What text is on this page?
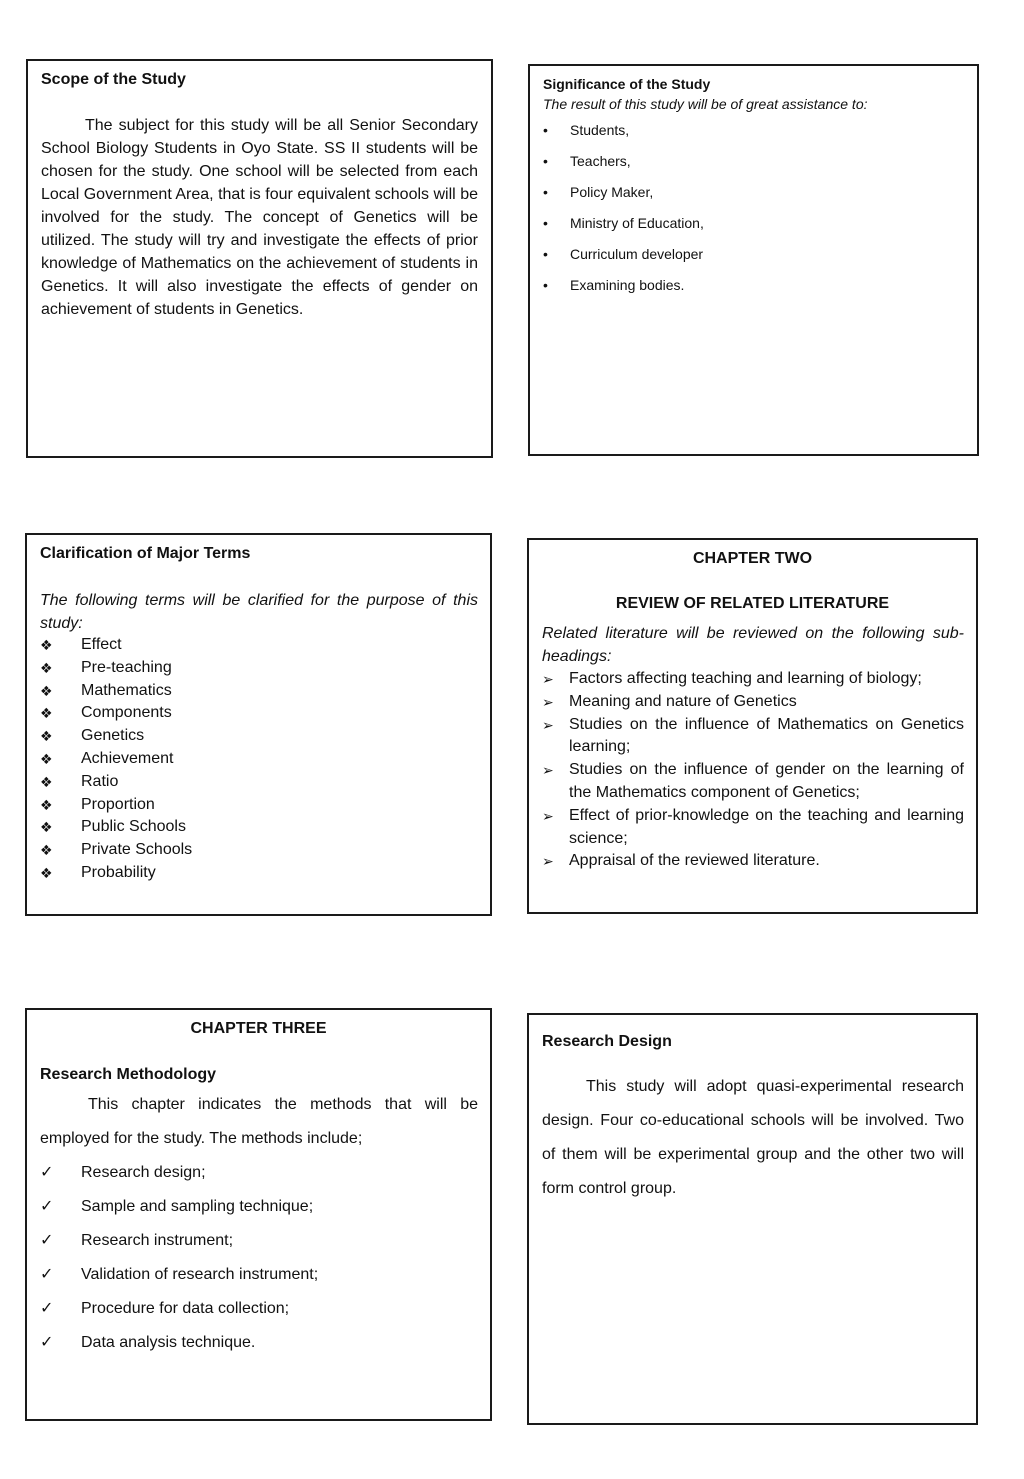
Scope of the Study
The subject for this study will be all Senior Secondary School Biology Students in Oyo State. SS II students will be chosen for the study. One school will be selected from each Local Government Area, that is four equivalent schools will be involved for the study. The concept of Genetics will be utilized. The study will try and investigate the effects of prior knowledge of Mathematics on the achievement of students in Genetics. It will also investigate the effects of gender on achievement of students in Genetics.
Significance of the Study
The result of this study will be of great assistance to:
•	Students,
•	Teachers,
•	Policy Maker,
•	Ministry of Education,
•	Curriculum developer
•	Examining bodies.
Clarification of Major Terms
The following terms will be clarified for the purpose of this study:
❖	Effect
❖	Pre-teaching
❖	Mathematics
❖	Components
❖	Genetics
❖	Achievement
❖	Ratio
❖	Proportion
❖	Public Schools
❖	Private Schools
❖	Probability
CHAPTER TWO
REVIEW OF RELATED LITERATURE
Related literature will be reviewed on the following sub-headings:
➢ Factors affecting teaching and learning of biology;
➢ Meaning and nature of Genetics
➢ Studies on the influence of Mathematics on Genetics learning;
➢ Studies on the influence of gender on the learning of the Mathematics component of Genetics;
➢ Effect of prior-knowledge on the teaching and learning science;
➢ Appraisal of the reviewed literature.
CHAPTER THREE
Research Methodology
This chapter indicates the methods that will be employed for the study. The methods include;
✓	Research design;
✓	Sample and sampling technique;
✓	Research instrument;
✓	Validation of research instrument;
✓	Procedure for data collection;
✓	Data analysis technique.
Research Design
This study will adopt quasi-experimental research design. Four co-educational schools will be involved. Two of them will be experimental group and the other two will form control group.
